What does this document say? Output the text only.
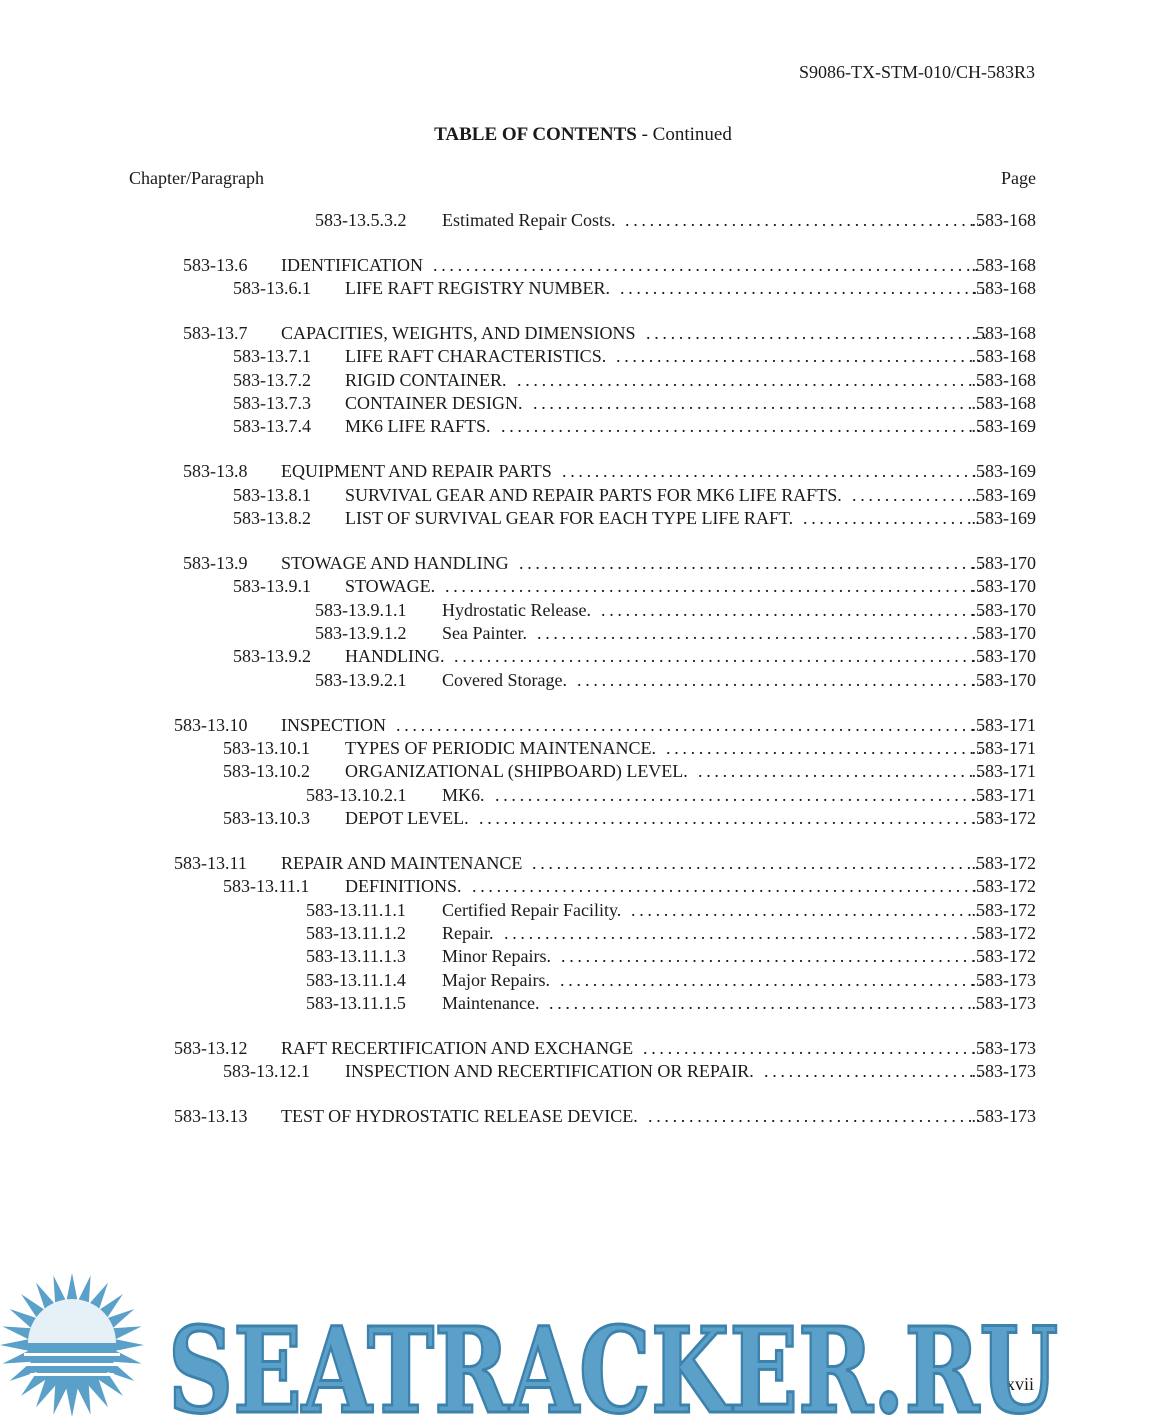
S9086-TX-STM-010/CH-583R3
TABLE OF CONTENTS - Continued
Chapter/Paragraph	Page
583-13.5.3.2 Estimated Repair Costs. ............................................
.583-168
583-13.6 IDENTIFICATION ...................................................................
.583-168
583-13.6.1 LIFE RAFT REGISTRY NUMBER. .............................................
.583-168
583-13.7 CAPACITIES, WEIGHTS, AND DIMENSIONS ..........................................
.583-168
583-13.7.1 LIFE RAFT CHARACTERISTICS. .............................................
.583-168
583-13.7.2 RIGID CONTAINER. .........................................................
.583-168
583-13.7.3 CONTAINER DESIGN. .......................................................
.583-168
583-13.7.4 MK6 LIFE RAFTS. ...........................................................
.583-169
583-13.8 EQUIPMENT AND REPAIR PARTS ....................................................
.583-169
583-13.8.1 SURVIVAL GEAR AND REPAIR PARTS FOR MK6 LIFE RAFTS. ................
.583-169
583-13.8.2 LIST OF SURVIVAL GEAR FOR EACH TYPE LIFE RAFT. ......................
.583-169
583-13.9 STOWAGE AND HANDLING .........................................................
.583-170
583-13.9.1 STOWAGE. ..................................................................
.583-170
583-13.9.1.1 Hydrostatic Release. ...............................................
.583-170
583-13.9.1.2 Sea Painter. .......................................................
.583-170
583-13.9.2 HANDLING. .................................................................
.583-170
583-13.9.2.1 Covered Storage. ..................................................
.583-170
583-13.10 INSPECTION ........................................................................
.583-171
583-13.10.1 TYPES OF PERIODIC MAINTENANCE. .......................................
.583-171
583-13.10.2 ORGANIZATIONAL (SHIPBOARD) LEVEL. ...................................
.583-171
583-13.10.2.1 MK6. ............................................................
.583-171
583-13.10.3 DEPOT LEVEL. ..............................................................
.583-172
583-13.11 REPAIR AND MAINTENANCE .......................................................
.583-172
583-13.11.1 DEFINITIONS. ...............................................................
.583-172
583-13.11.1.1 Certified Repair Facility. ...........................................
.583-172
583-13.11.1.2 Repair. ...........................................................
.583-172
583-13.11.1.3 Minor Repairs. ....................................................
.583-172
583-13.11.1.4 Major Repairs. ....................................................
.583-173
583-13.11.1.5 Maintenance. .....................................................
.583-173
583-13.12 RAFT RECERTIFICATION AND EXCHANGE ..........................................
.583-173
583-13.12.1 INSPECTION AND RECERTIFICATION OR REPAIR. ...........................
.583-173
583-13.13 TEST OF HYDROSTATIC RELEASE DEVICE. .........................................
.583-173
xvii
SEATRACKER.RU
